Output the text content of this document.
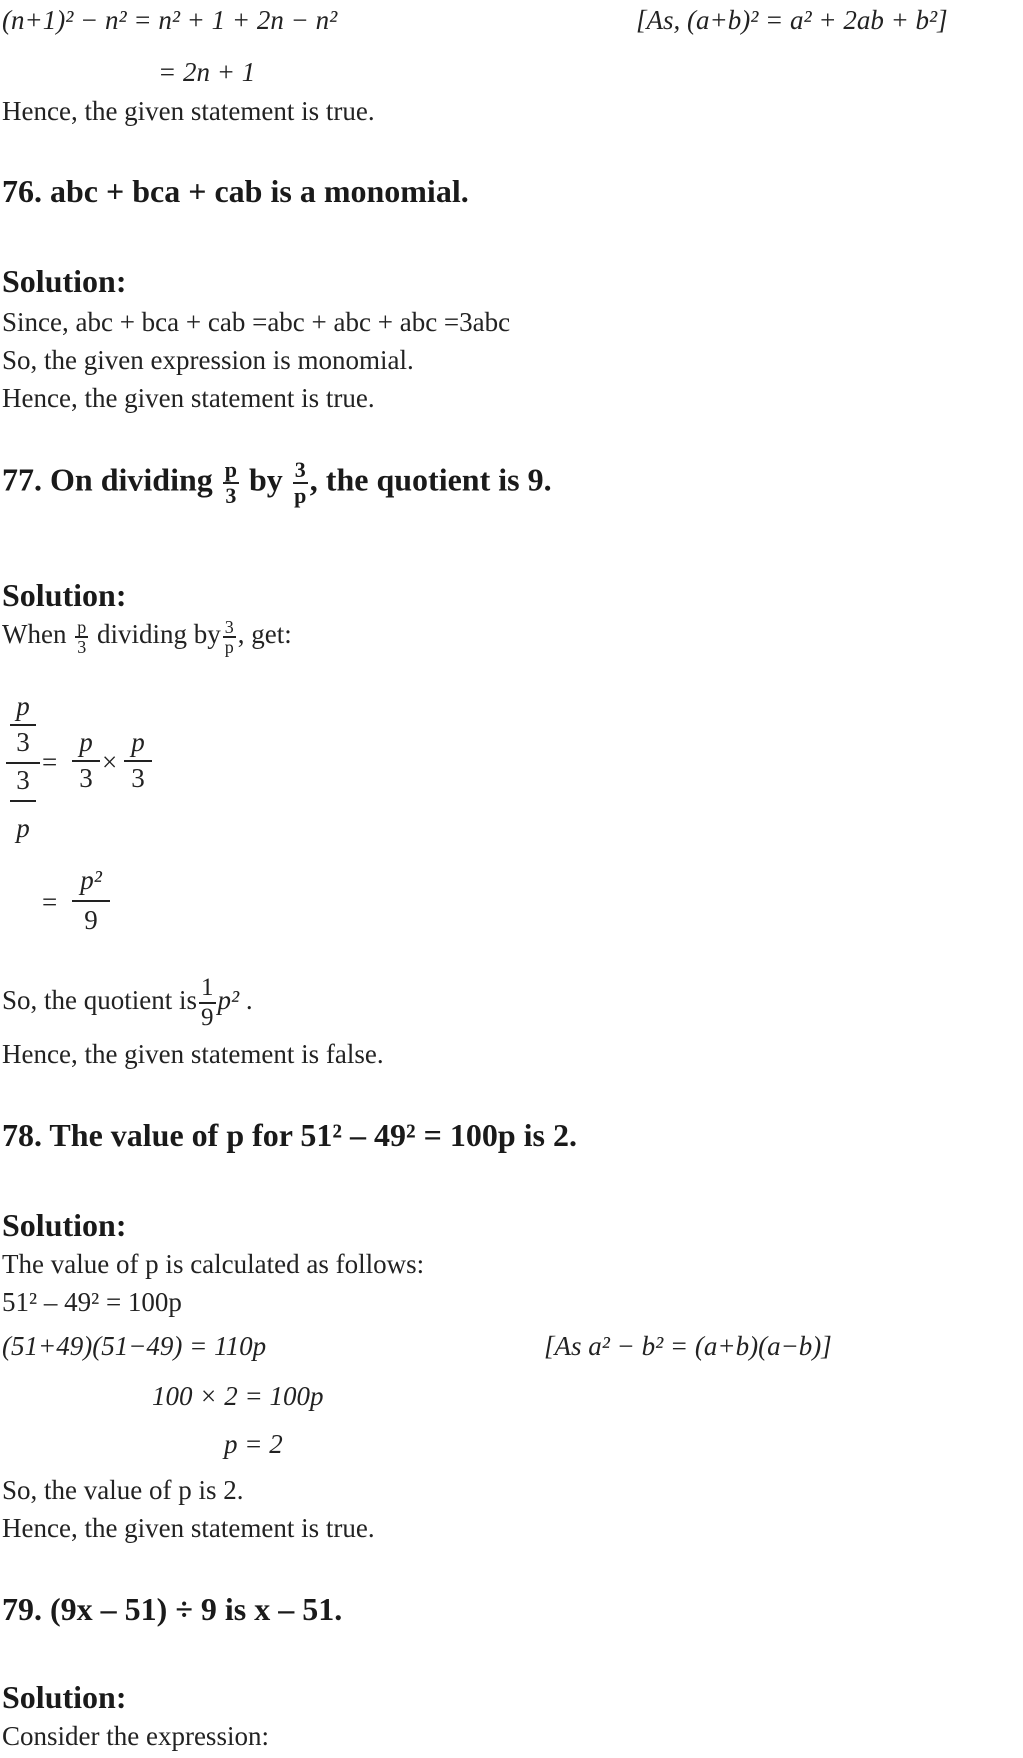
(n+1)² − n² = n² + 1 + 2n − n²	[As, (a+b)² = a² + 2ab + b²]
= 2n + 1
Hence, the given statement is true.
76. abc + bca + cab is a monomial.
Solution:
Since, abc + bca + cab =abc + abc + abc =3abc
So, the given expression is monomial.
Hence, the given statement is true.
77. On dividing $\frac{p}{3}$ by $\frac{3}{p}$ , the quotient is 9.
Solution:
When $\frac{p}{3}$ dividing by $\frac{3}{p}$ , get:
p
3
3
p
=
p
3
×
p
3
=
p²
9
So, the quotient is $\frac{1}{9} p^2$ .
Hence, the given statement is false.
78. The value of p for 51² – 49² = 100p is 2.
Solution:
The value of p is calculated as follows:
51² – 49² = 100p
(51+49)(51−49) = 110p	[As a² − b² = (a+b)(a−b)]
100 × 2 = 100p
p = 2
So, the value of p is 2.
Hence, the given statement is true.
79. (9x – 51) ÷ 9 is x – 51.
Solution:
Consider the expression:
